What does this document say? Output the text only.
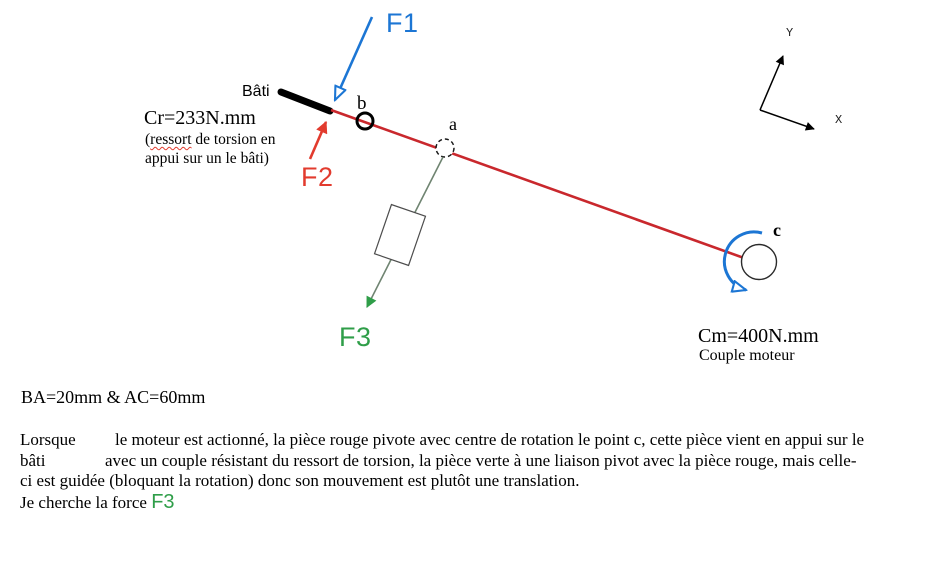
F1
Bâti
Cr=233N.mm
(ressort de torsion en
appui sur un le bâti)
F2
b
a
F3
c
Cm=400N.mm
Couple moteur
Y
X
BA=20mm & AC=60mm
Lorsque le moteur est actionné, la pièce rouge pivote avec centre de rotation le point c, cette pièce vient en appui sur le
bâti	avec un couple résistant du ressort de torsion, la pièce verte à une liaison pivot avec la pièce rouge, mais celle-
ci est guidée (bloquant la rotation) donc son mouvement est plutôt une translation.
Je cherche la force F3
